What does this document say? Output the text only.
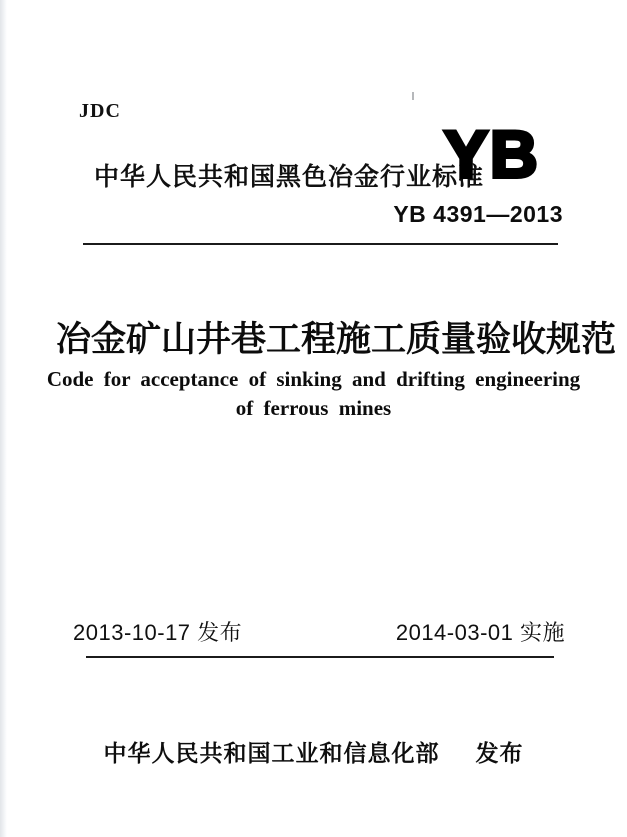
JDC
中华人民共和国黑色冶金行业标准
YB
YB 4391—2013
冶金矿山井巷工程施工质量验收规范
Code for acceptance of sinking and drifting engineering
of ferrous mines
2013-10-17 发布	2014-03-01 实施
中华人民共和国工业和信息化部 发布
